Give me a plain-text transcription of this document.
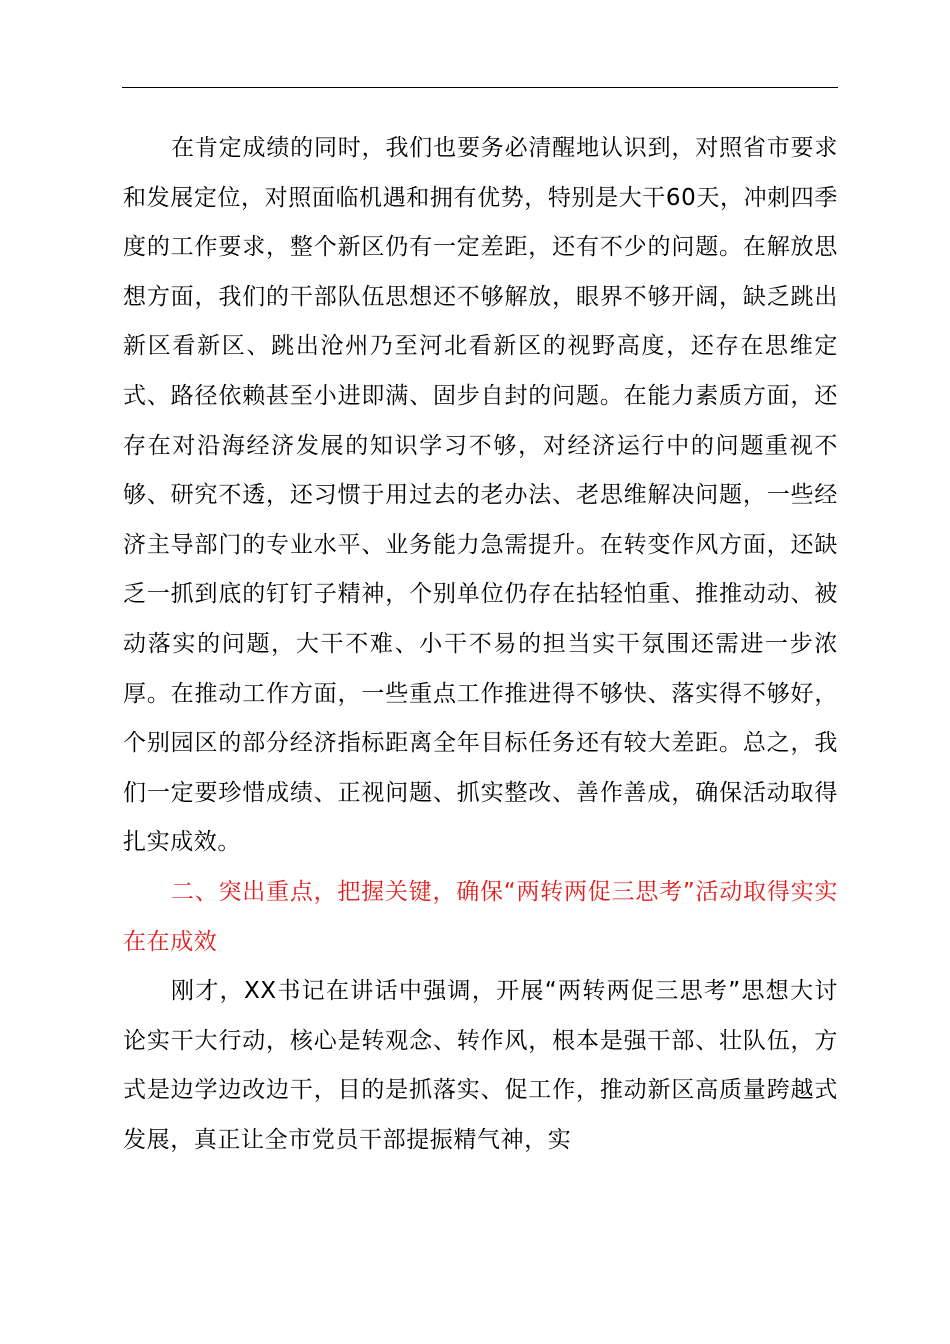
在肯定成绩的同时，我们也要务必清醒地认识到，对照省市要求和发展定位，对照面临机遇和拥有优势，特别是大干60天，冲刺四季度的工作要求，整个新区仍有一定差距，还有不少的问题。在解放思想方面，我们的干部队伍思想还不够解放，眼界不够开阔，缺乏跳出新区看新区、跳出沧州乃至河北看新区的视野高度，还存在思维定式、路径依赖甚至小进即满、固步自封的问题。在能力素质方面，还存在对沿海经济发展的知识学习不够，对经济运行中的问题重视不够、研究不透，还习惯于用过去的老办法、老思维解决问题，一些经济主导部门的专业水平、业务能力急需提升。在转变作风方面，还缺乏一抓到底的钉钉子精神，个别单位仍存在拈轻怕重、推推动动、被动落实的问题，大干不难、小干不易的担当实干氛围还需进一步浓厚。在推动工作方面，一些重点工作推进得不够快、落实得不够好，个别园区的部分经济指标距离全年目标任务还有较大差距。总之，我们一定要珍惜成绩、正视问题、抓实整改、善作善成，确保活动取得扎实成效。

二、突出重点，把握关键，确保“两转两促三思考”活动取得实实在在成效

刚才，XX书记在讲话中强调，开展“两转两促三思考”思想大讨论实干大行动，核心是转观念、转作风，根本是强干部、壮队伍，方式是边学边改边干，目的是抓落实、促工作，推动新区高质量跨越式发展，真正让全市党员干部提振精气神，实
